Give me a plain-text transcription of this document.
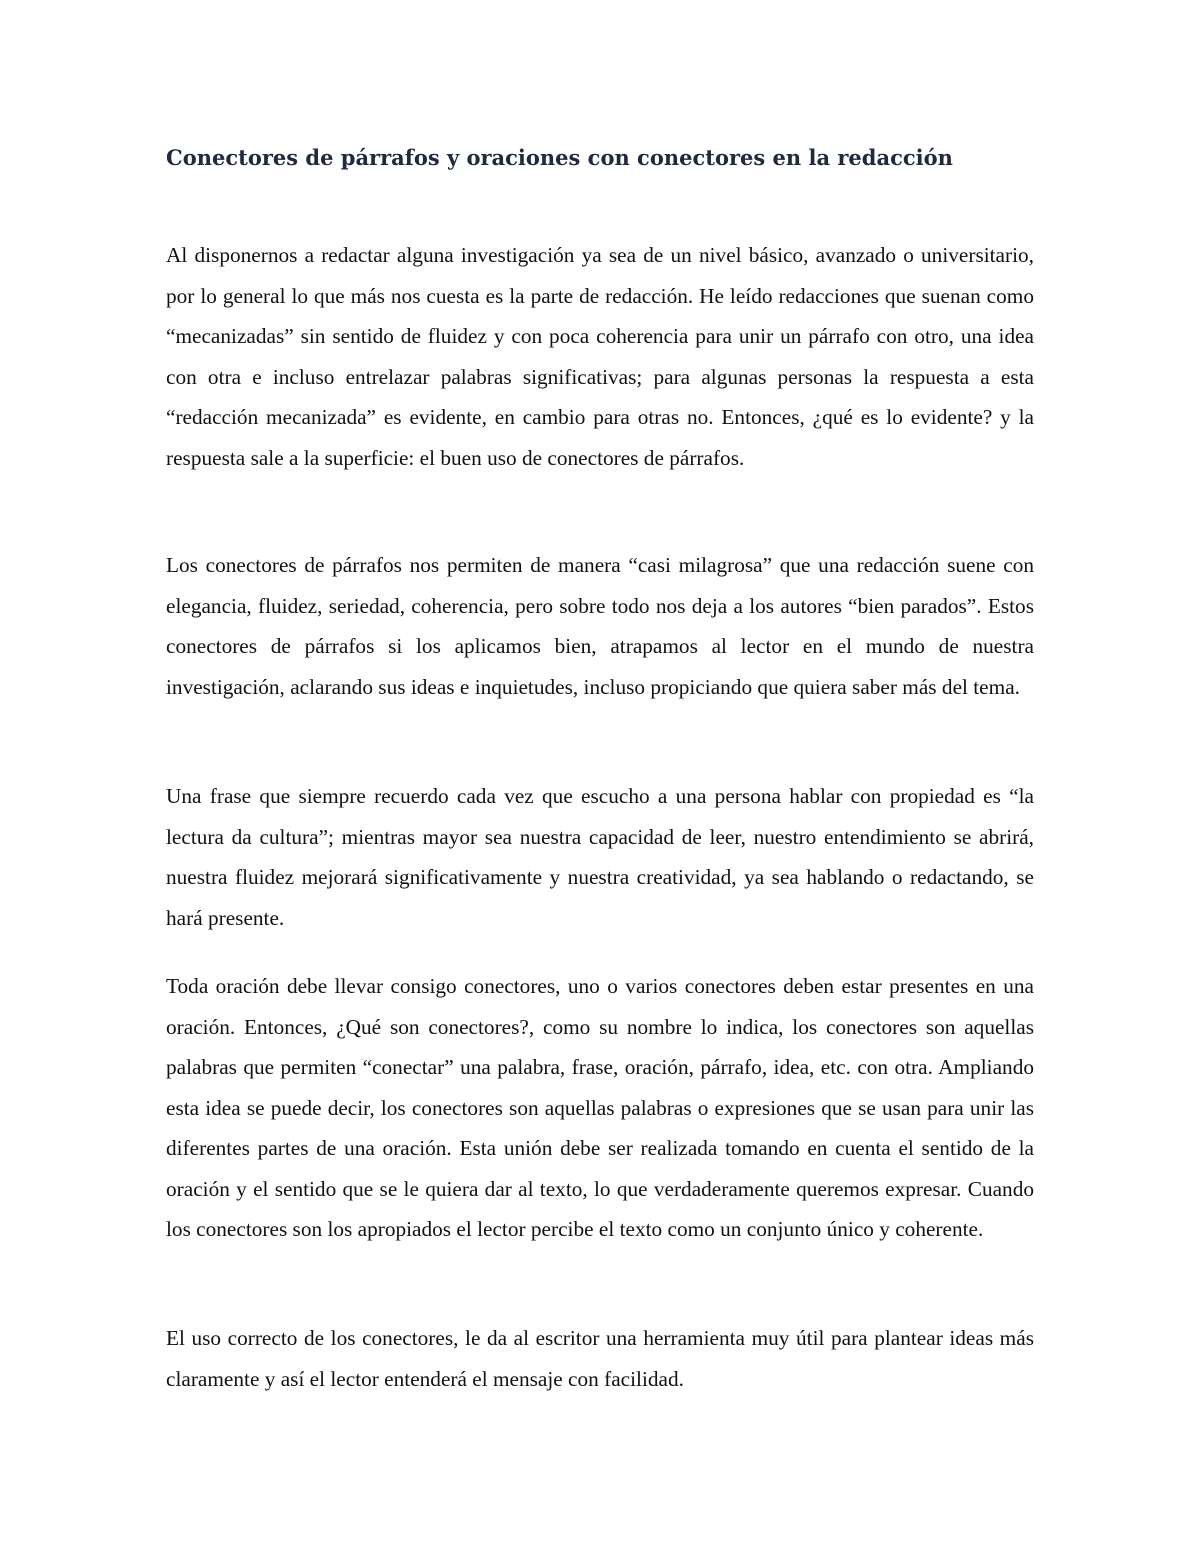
Conectores de párrafos y oraciones con conectores en la redacción

Al disponernos a redactar alguna investigación ya sea de un nivel básico, avanzado o universitario, por lo general lo que más nos cuesta es la parte de redacción. He leído redacciones que suenan como “mecanizadas” sin sentido de fluidez y con poca coherencia para unir un párrafo con otro, una idea con otra e incluso entrelazar palabras significativas; para algunas personas la respuesta a esta “redacción mecanizada” es evidente, en cambio para otras no. Entonces, ¿qué es lo evidente? y la respuesta sale a la superficie: el buen uso de conectores de párrafos.

Los conectores de párrafos nos permiten de manera “casi milagrosa” que una redacción suene con elegancia, fluidez, seriedad, coherencia, pero sobre todo nos deja a los autores “bien parados”. Estos conectores de párrafos si los aplicamos bien, atrapamos al lector en el mundo de nuestra investigación, aclarando sus ideas e inquietudes, incluso propiciando que quiera saber más del tema.

Una frase que siempre recuerdo cada vez que escucho a una persona hablar con propiedad es “la lectura da cultura”; mientras mayor sea nuestra capacidad de leer, nuestro entendimiento se abrirá, nuestra fluidez mejorará significativamente y nuestra creatividad, ya sea hablando o redactando, se hará presente.

Toda oración debe llevar consigo conectores, uno o varios conectores deben estar presentes en una oración. Entonces, ¿Qué son conectores?, como su nombre lo indica, los conectores son aquellas palabras que permiten “conectar” una palabra, frase, oración, párrafo, idea, etc. con otra. Ampliando esta idea se puede decir, los conectores son aquellas palabras o expresiones que se usan para unir las diferentes partes de una oración. Esta unión debe ser realizada tomando en cuenta el sentido de la oración y el sentido que se le quiera dar al texto, lo que verdaderamente queremos expresar. Cuando los conectores son los apropiados el lector percibe el texto como un conjunto único y coherente.

El uso correcto de los conectores, le da al escritor una herramienta muy útil para plantear ideas más claramente y así el lector entenderá el mensaje con facilidad.
